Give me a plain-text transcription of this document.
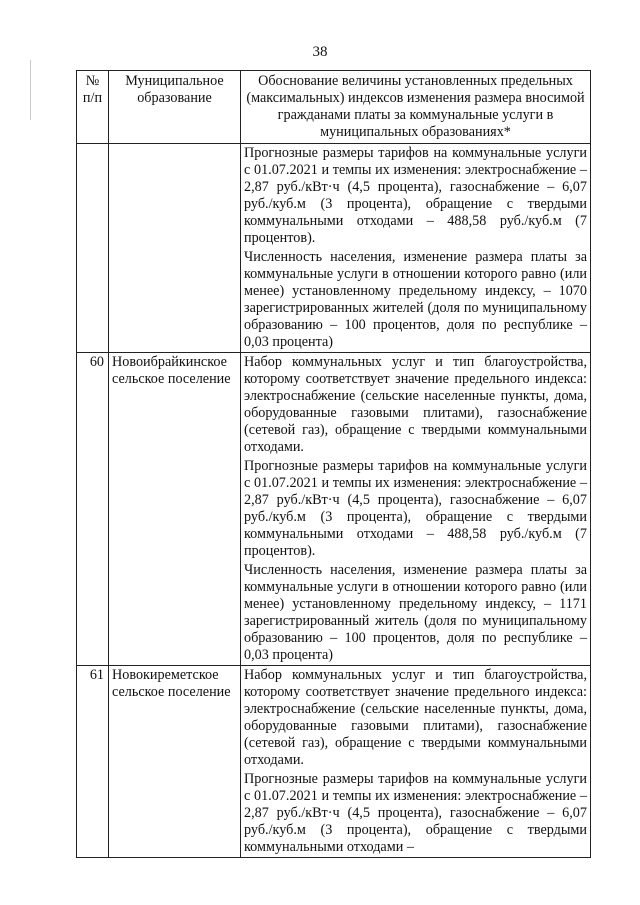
38
№ п/п	Муниципальное образование	Обоснование величины установленных предельных (максимальных) индексов изменения размера вносимой гражданами платы за коммунальные услуги в муниципальных образованиях*

		Прогнозные размеры тарифов на коммунальные услуги с 01.07.2021 и темпы их изменения: электроснабжение – 2,87 руб./кВт·ч (4,5 процента), газоснабжение – 6,07 руб./куб.м (3 процента), обращение с твердыми коммунальными отходами – 488,58 руб./куб.м (7 процентов).

Численность населения, изменение размера платы за коммунальные услуги в отношении которого равно (или менее) установленному предельному индексу, – 1070 зарегистрированных жителей (доля по муниципальному образованию – 100 процентов, доля по республике – 0,03 процента)

60	Новоибрайкинское сельское поселение	Набор коммунальных услуг и тип благоустройства, которому соответствует значение предельного индекса: электроснабжение (сельские населенные пункты, дома, оборудованные газовыми плитами), газоснабжение (сетевой газ), обращение с твердыми коммунальными отходами.

Прогнозные размеры тарифов на коммунальные услуги с 01.07.2021 и темпы их изменения: электроснабжение – 2,87 руб./кВт·ч (4,5 процента), газоснабжение – 6,07 руб./куб.м (3 процента), обращение с твердыми коммунальными отходами – 488,58 руб./куб.м (7 процентов).

Численность населения, изменение размера платы за коммунальные услуги в отношении которого равно (или менее) установленному предельному индексу, – 1171 зарегистрированный житель (доля по муниципальному образованию – 100 процентов, доля по республике – 0,03 процента)

61	Новокиреметское сельское поселение	Набор коммунальных услуг и тип благоустройства, которому соответствует значение предельного индекса: электроснабжение (сельские населенные пункты, дома, оборудованные газовыми плитами), газоснабжение (сетевой газ), обращение с твердыми коммунальными отходами.

Прогнозные размеры тарифов на коммунальные услуги с 01.07.2021 и темпы их изменения: электроснабжение – 2,87 руб./кВт·ч (4,5 процента), газоснабжение – 6,07 руб./куб.м (3 процента), обращение с твердыми коммунальными отходами –
